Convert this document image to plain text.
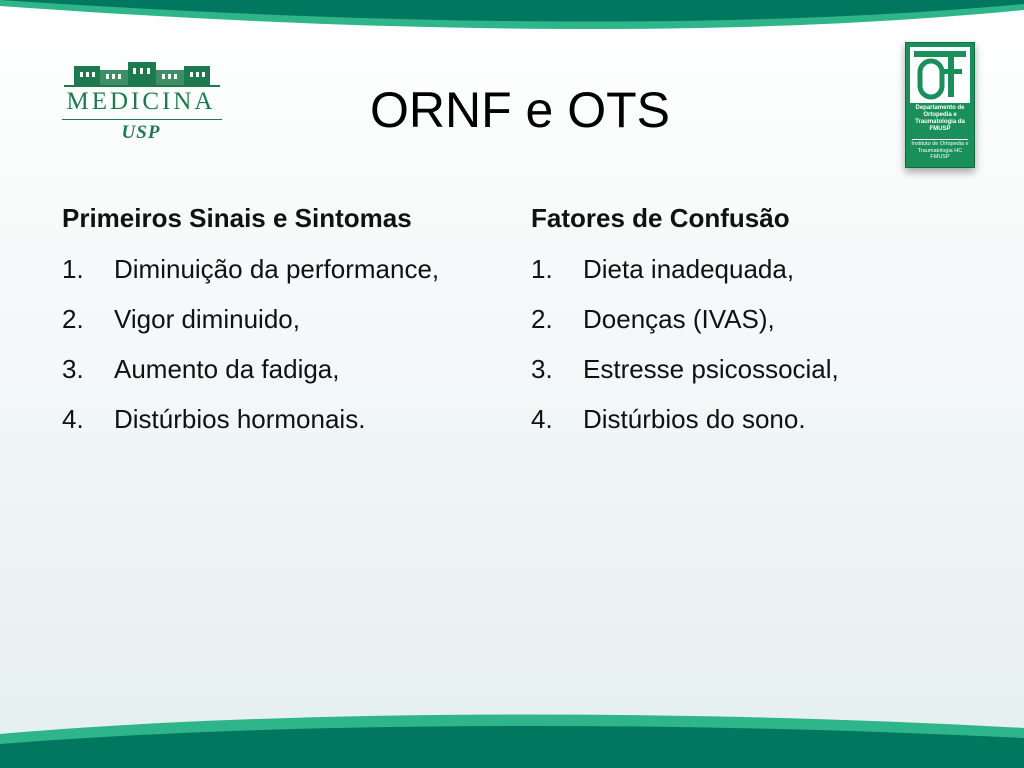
MEDICINA
USP	ORNF e OTS	Departamento de Ortopedia e Traumatologia da FMUSP
Instituto de Ortopedia e Traumatologia HC FMUSP
Primeiros Sinais e Sintomas
1. Diminuição da performance,
2. Vigor diminuido,
3. Aumento da fadiga,
4. Distúrbios hormonais.
Fatores de Confusão
1. Dieta inadequada,
2. Doenças (IVAS),
3. Estresse psicossocial,
4. Distúrbios do sono.
